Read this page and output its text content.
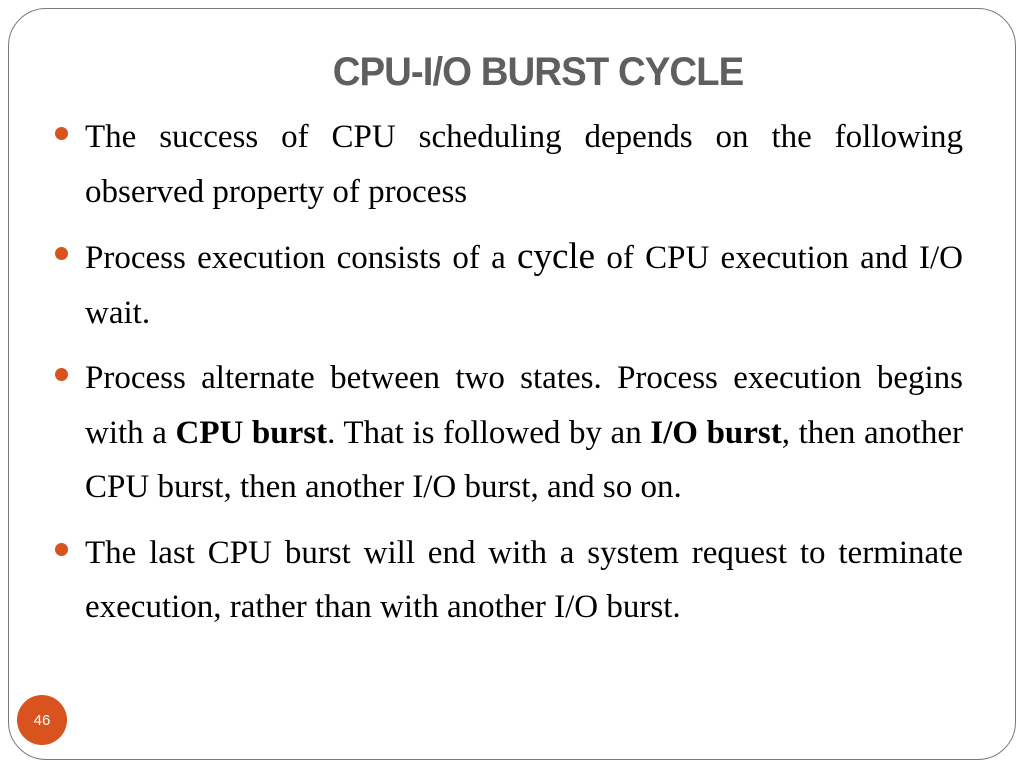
CPU-I/O BURST CYCLE
The success of CPU scheduling depends on the following observed property of process
Process execution consists of a cycle of CPU execution and I/O wait.
Process alternate between two states. Process execution begins with a CPU burst. That is followed by an I/O burst, then another CPU burst, then another I/O burst, and so on.
The last CPU burst will end with a system request to terminate execution, rather than with another I/O burst.
46
